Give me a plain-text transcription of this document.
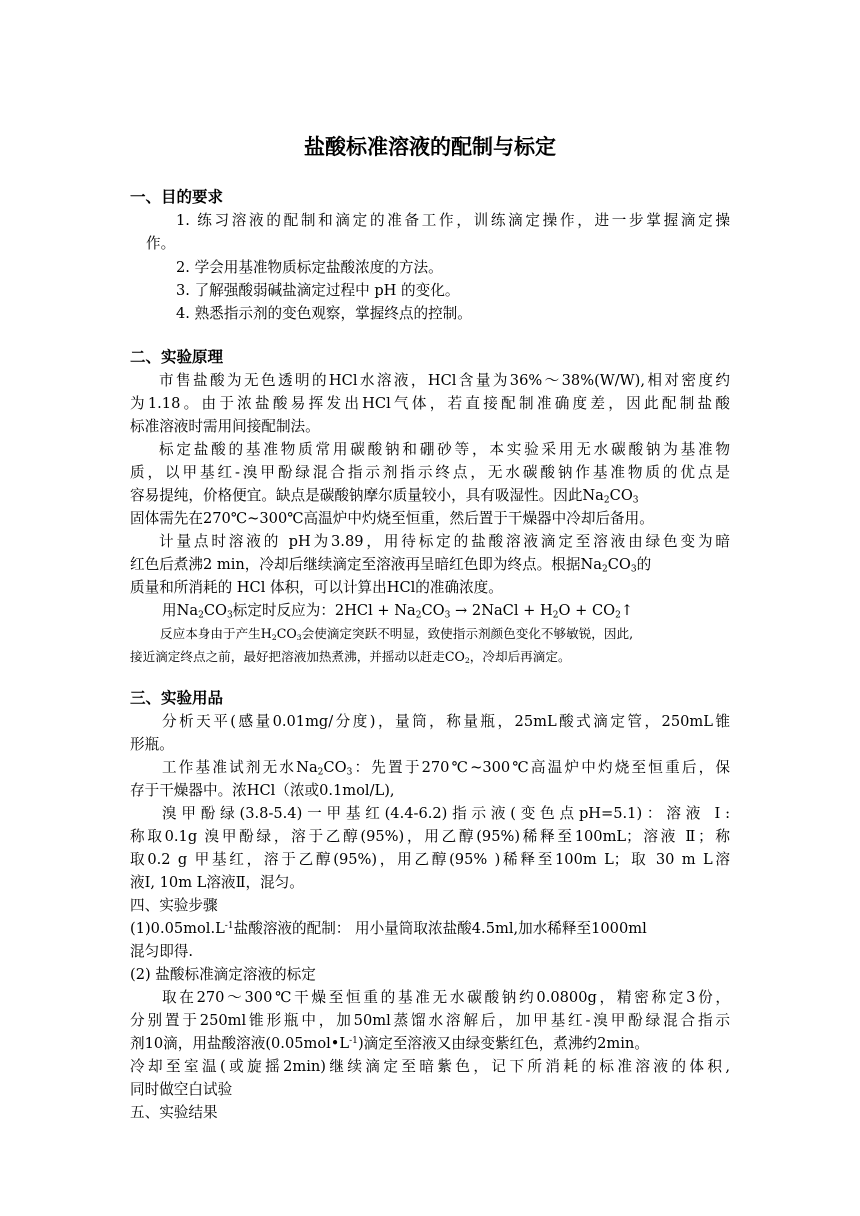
盐酸标准溶液的配制与标定
一、目的要求
1. 练习溶液的配制和滴定的准备工作，训练滴定操作，进一步掌握滴定操
作。
2. 学会用基准物质标定盐酸浓度的方法。
3. 了解强酸弱碱盐滴定过程中 pH 的变化。
4. 熟悉指示剂的变色观察，掌握终点的控制。
二、实验原理
市售盐酸为无色透明的HCl水溶液，HCl含量为36%～38%(W/W),相对密度约
为1.18。由于浓盐酸易挥发出HCl气体，若直接配制准确度差，因此配制盐酸
标准溶液时需用间接配制法。
标定盐酸的基准物质常用碳酸钠和硼砂等，本实验采用无水碳酸钠为基准物
质，以甲基红-溴甲酚绿混合指示剂指示终点，无水碳酸钠作基准物质的优点是
容易提纯，价格便宜。缺点是碳酸钠摩尔质量较小，具有吸湿性。因此$Na_2CO_3$
固体需先在270℃~300℃高温炉中灼烧至恒重，然后置于干燥器中冷却后备用。
计量点时溶液的 pH为3.89，用待标定的盐酸溶液滴定至溶液由绿色变为暗
红色后煮沸2 min，冷却后继续滴定至溶液再呈暗红色即为终点。根据$Na_2CO_3$的
质量和所消耗的 HCl 体积，可以计算出HCl的准确浓度。
用$Na_2CO_3$标定时反应为：$2HCl + Na_2CO_3$ → 2NaCl + $H_2O$ + $CO_2↑$
反应本身由于产生$H_2CO_3$会使滴定突跃不明显，致使指示剂颜色变化不够敏锐，因此,
接近滴定终点之前，最好把溶液加热煮沸，并摇动以赶走$CO_2$，冷却后再滴定。
三、实验用品
分析天平(感量0.01mg/分度)，量筒，称量瓶，25mL酸式滴定管，250mL锥
形瓶。
工作基准试剂无水$Na_2CO_3$：先置于270℃~300℃高温炉中灼烧至恒重后，保
存于干燥器中。浓HCl（浓或0.1mol/L),
溴甲酚绿(3.8-5.4)一甲基红(4.4-6.2)指示液(变色点pH=5.1)：溶液 Ⅰ:
称取0.1g 溴甲酚绿，溶于乙醇(95%)，用乙醇(95%)稀释至100mL；溶液 Ⅱ；称
取0.2 g 甲基红，溶于乙醇(95%)，用乙醇(95% )稀释至100m L；取 30 m L溶
液I, 10m L溶液Ⅱ，混匀。
四、实验步骤
$(1)0.05mol.L^{-1}$盐酸溶液的配制： 用小量筒取浓盐酸4.5ml,加水稀释至1000ml
混匀即得.
(2) 盐酸标准滴定溶液的标定
取在270～300℃干燥至恒重的基准无水碳酸钠约0.0800g，精密称定3份，
分别置于250ml锥形瓶中，加50ml蒸馏水溶解后，加甲基红-溴甲酚绿混合指示
剂10滴，用盐酸溶液$(0.05mol•L^{-1})$滴定至溶液又由绿变紫红色，煮沸约2min。
冷却至室温(或旋摇2min)继续滴定至暗紫色，记下所消耗的标准溶液的体积,
同时做空白试验
五、实验结果
